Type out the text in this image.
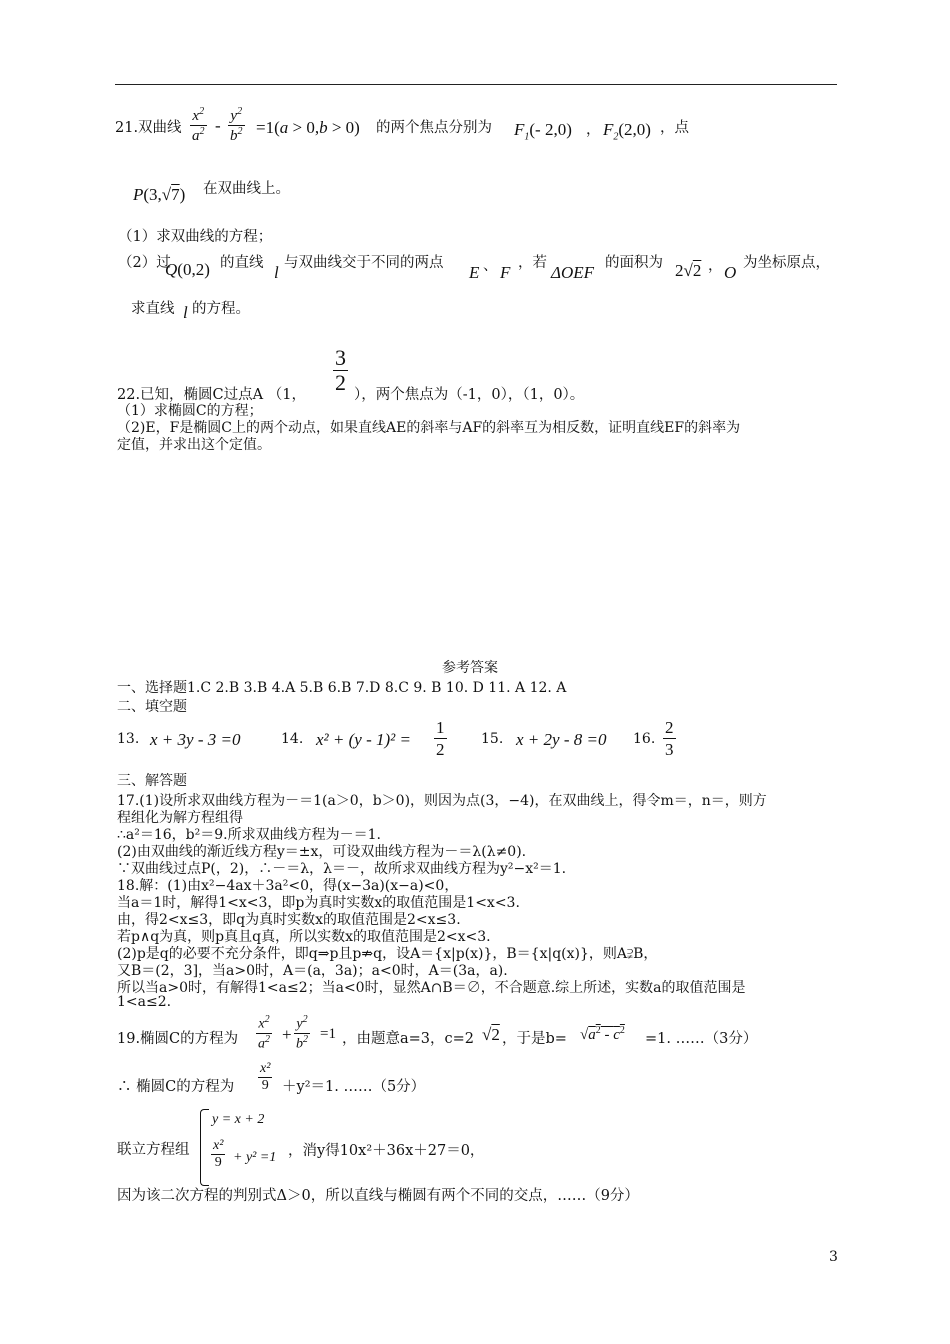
21.双曲线 $\frac{x^2}{a^2} - \frac{y^2}{b^2} =1(a > 0,b > 0)$ 的两个焦点分别为 $F_1(-$ 2,0) ， $F_2(2,0)$ ，点
P(3,√7) 在双曲线上。
（1）求双曲线的方程；
（2）过
Q(0,2) 的直线 l 与双曲线交于不同的两点 E 、 F ，若 ΔOEF 的面积为 2√2 ， O 为坐标原点，
求直线 l 的方程。
22.已知，椭圆C过点A （1， $\frac{3}{2}$ ），两个焦点为（-1，0），（1，0）。
（1）求椭圆C的方程；
（2)E，F是椭圆C上的两个动点，如果直线AE的斜率与AF的斜率互为相反数，证明直线EF的斜率为
定值，并求出这个定值。
参考答案
一、选择题1.C 2.B 3.B 4.A 5.B 6.B 7.D 8.C 9. B 10. D 11. A 12. A
二、填空题
13. x + 3y - 3 =0	14. $x^2 + (y - 1)^2 = \frac{1}{2} 15$. x + 2y - 8 =0 16. $\frac{2}{3}$
三、解答题
17.(1)设所求双曲线方程为－＝1(a＞0，b＞0)，则因为点(3，−4)，在双曲线上，得令m＝，n＝，则方
程组化为解方程组得
∴a²＝16，b²＝9.所求双曲线方程为－＝1.
(2)由双曲线的渐近线方程y＝±x，可设双曲线方程为－＝λ(λ≠0).
∵双曲线过点P(，2)，∴－＝λ，λ＝－，故所求双曲线方程为y²−x²＝1.
18.解：(1)由x²−4ax＋3a²<0，得(x−3a)(x−a)<0，
当a＝1时，解得1<x<3，即p为真时实数x的取值范围是1<x<3.
由，得2<x≤3，即q为真时实数x的取值范围是2<x≤3.
若p∧q为真，则p真且q真，所以实数x的取值范围是2<x<3.
(2)p是q的必要不充分条件，即q⇒p且p⇏q，设A＝{x|p(x)}，B＝{x|q(x)}，则A⫌B，
又B＝(2，3]，当a>0时，A＝(a，3a)；a<0时，A＝(3a，a).
所以当a>0时，有解得1<a≤2；当a<0时，显然A∩B＝∅，不合题意.综上所述，实数a的取值范围是
1<a≤2.
19.椭圆C的方程为 $\frac{x^2}{a^2} + \frac{y^2}{b^2} =1$ ，由题意a=3，c=2 √2 ，于是$b= √a^2 - c^2$
=1. ……（3分）
∴ 椭圆C的方程为 $\frac{\text{x²}}{9} +y^2=1$. ……（5分）
联立方程组
y = x + 2
$\frac{\text{x²}}{9} + y^2 =1$ ，消y得10x²＋36x＋27＝0，
因为该二次方程的判别式Δ＞0，所以直线与椭圆有两个不同的交点，……（9分）
3
